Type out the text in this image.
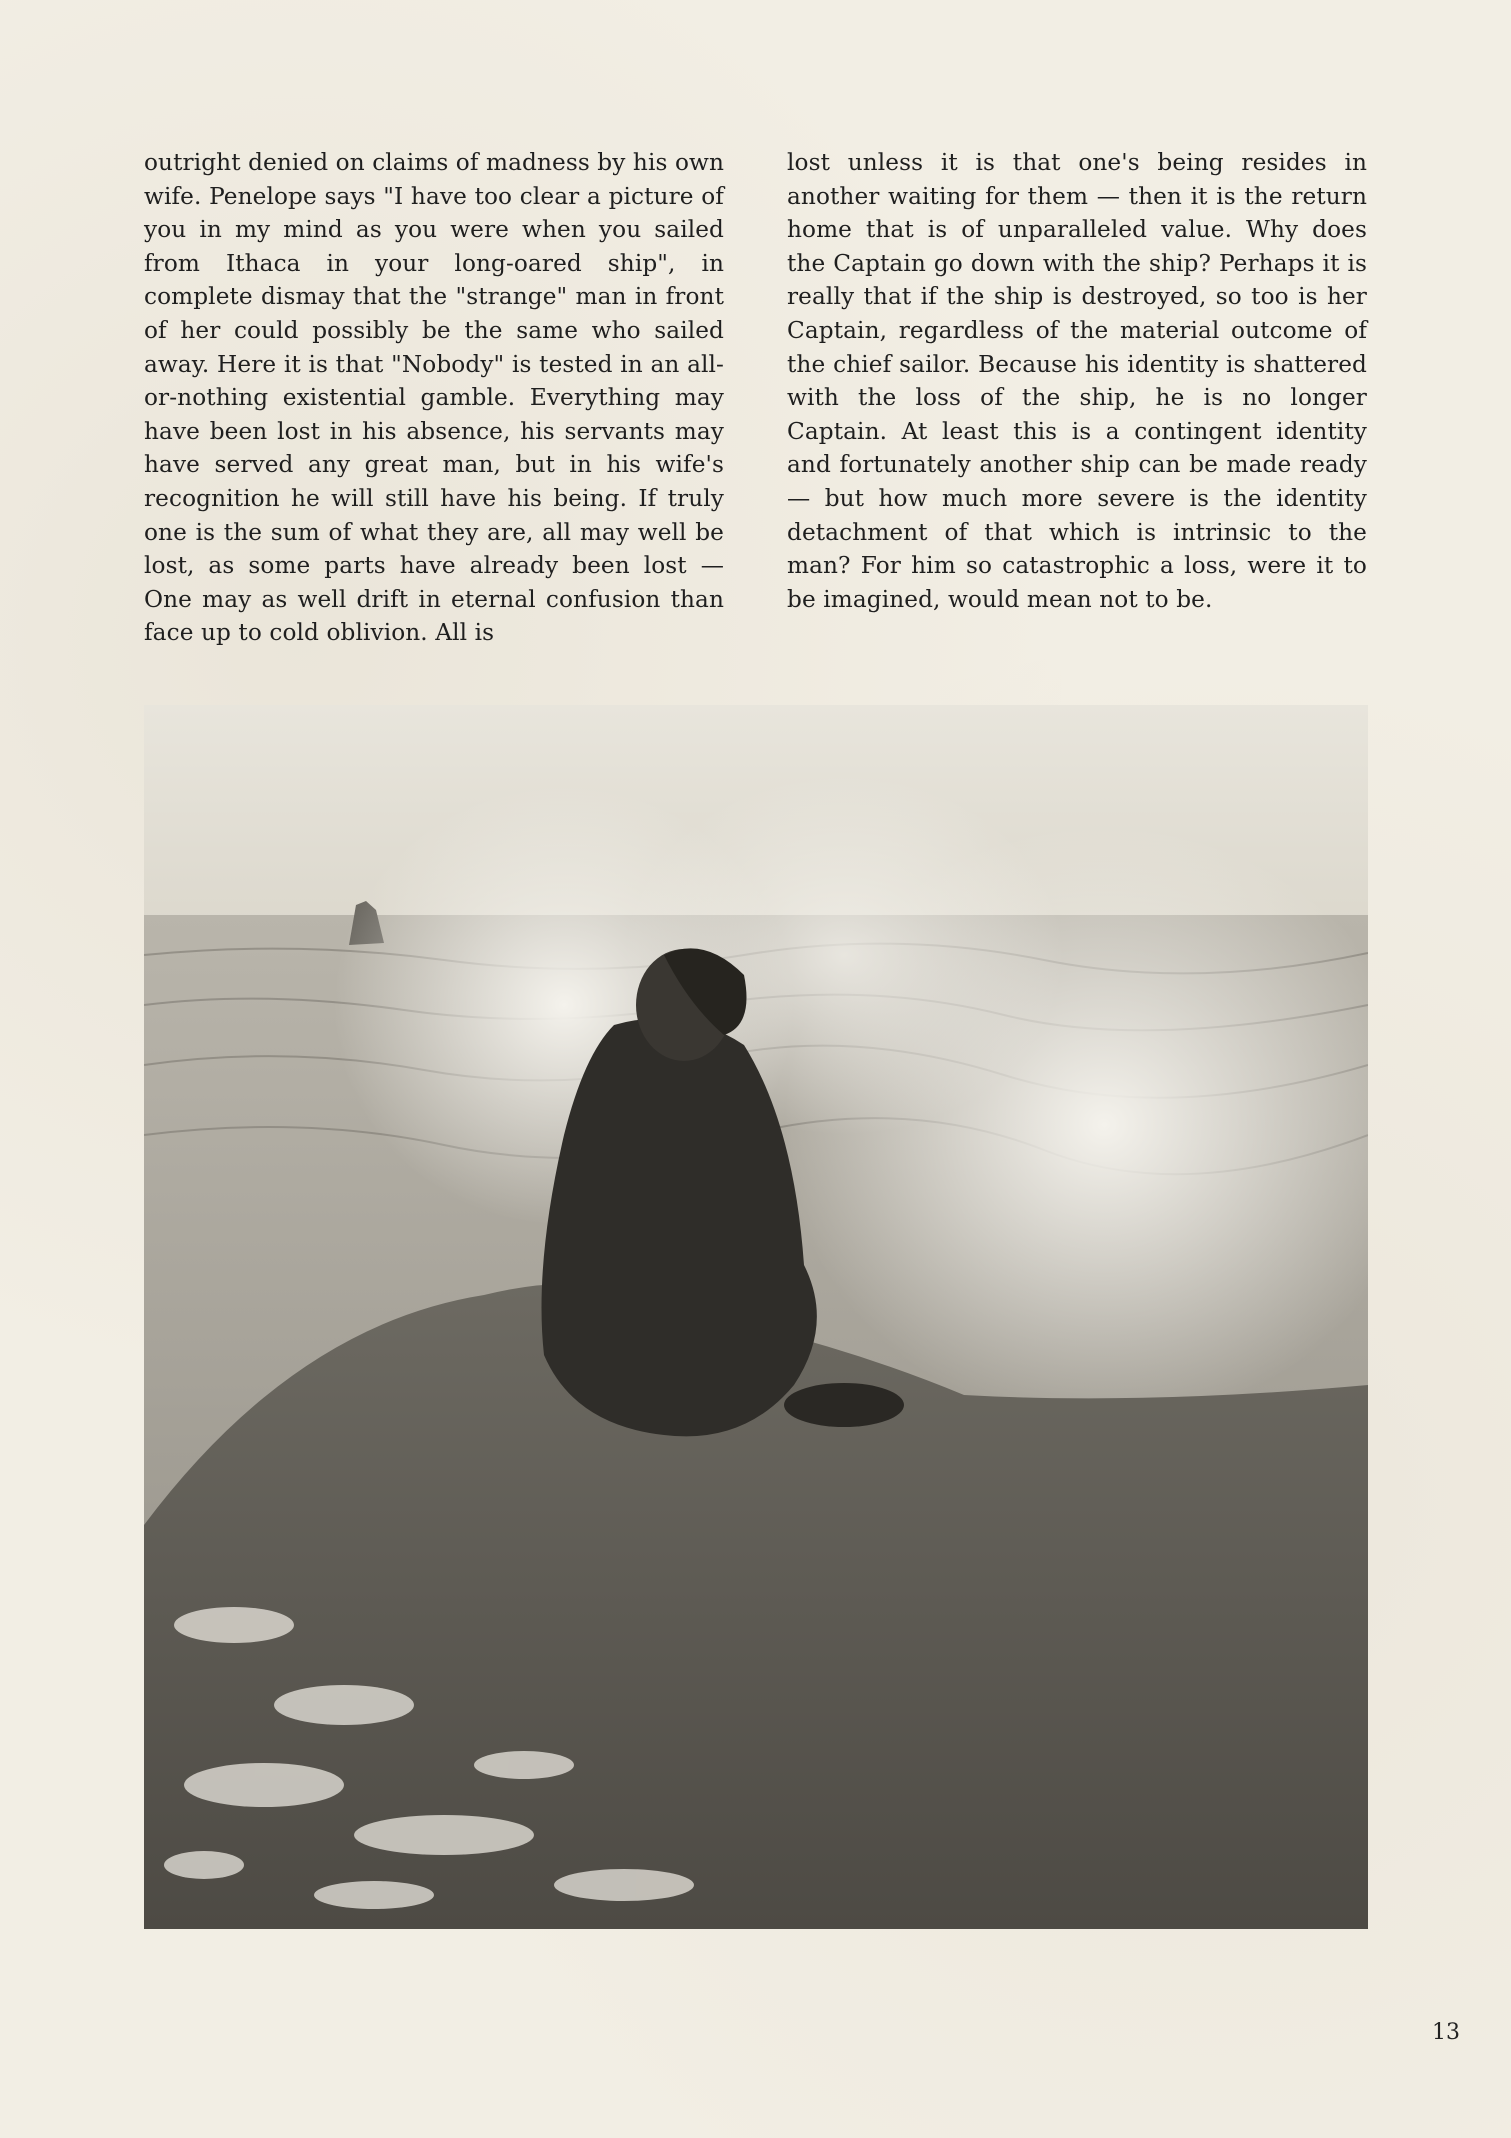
outright denied on claims of madness by his own wife. Penelope says "I have too clear a picture of you in my mind as you were when you sailed from Ithaca in your long-oared ship", in complete dismay that the "strange" man in front of her could possibly be the same who sailed away. Here it is that "Nobody" is tested in an all-or-nothing existential gamble. Everything may have been lost in his absence, his servants may have served any great man, but in his wife's recognition he will still have his being. If truly one is the sum of what they are, all may well be lost, as some parts have already been lost — One may as well drift in eternal confusion than face up to cold oblivion. All is

lost unless it is that one's being resides in another waiting for them — then it is the return home that is of unparalleled value. Why does the Captain go down with the ship? Perhaps it is really that if the ship is destroyed, so too is her Captain, regardless of the material outcome of the chief sailor. Because his identity is shattered with the loss of the ship, he is no longer Captain. At least this is a contingent identity and fortunately another ship can be made ready — but how much more severe is the identity detachment of that which is intrinsic to the man? For him so catastrophic a loss, were it to be imagined, would mean not to be.

13
